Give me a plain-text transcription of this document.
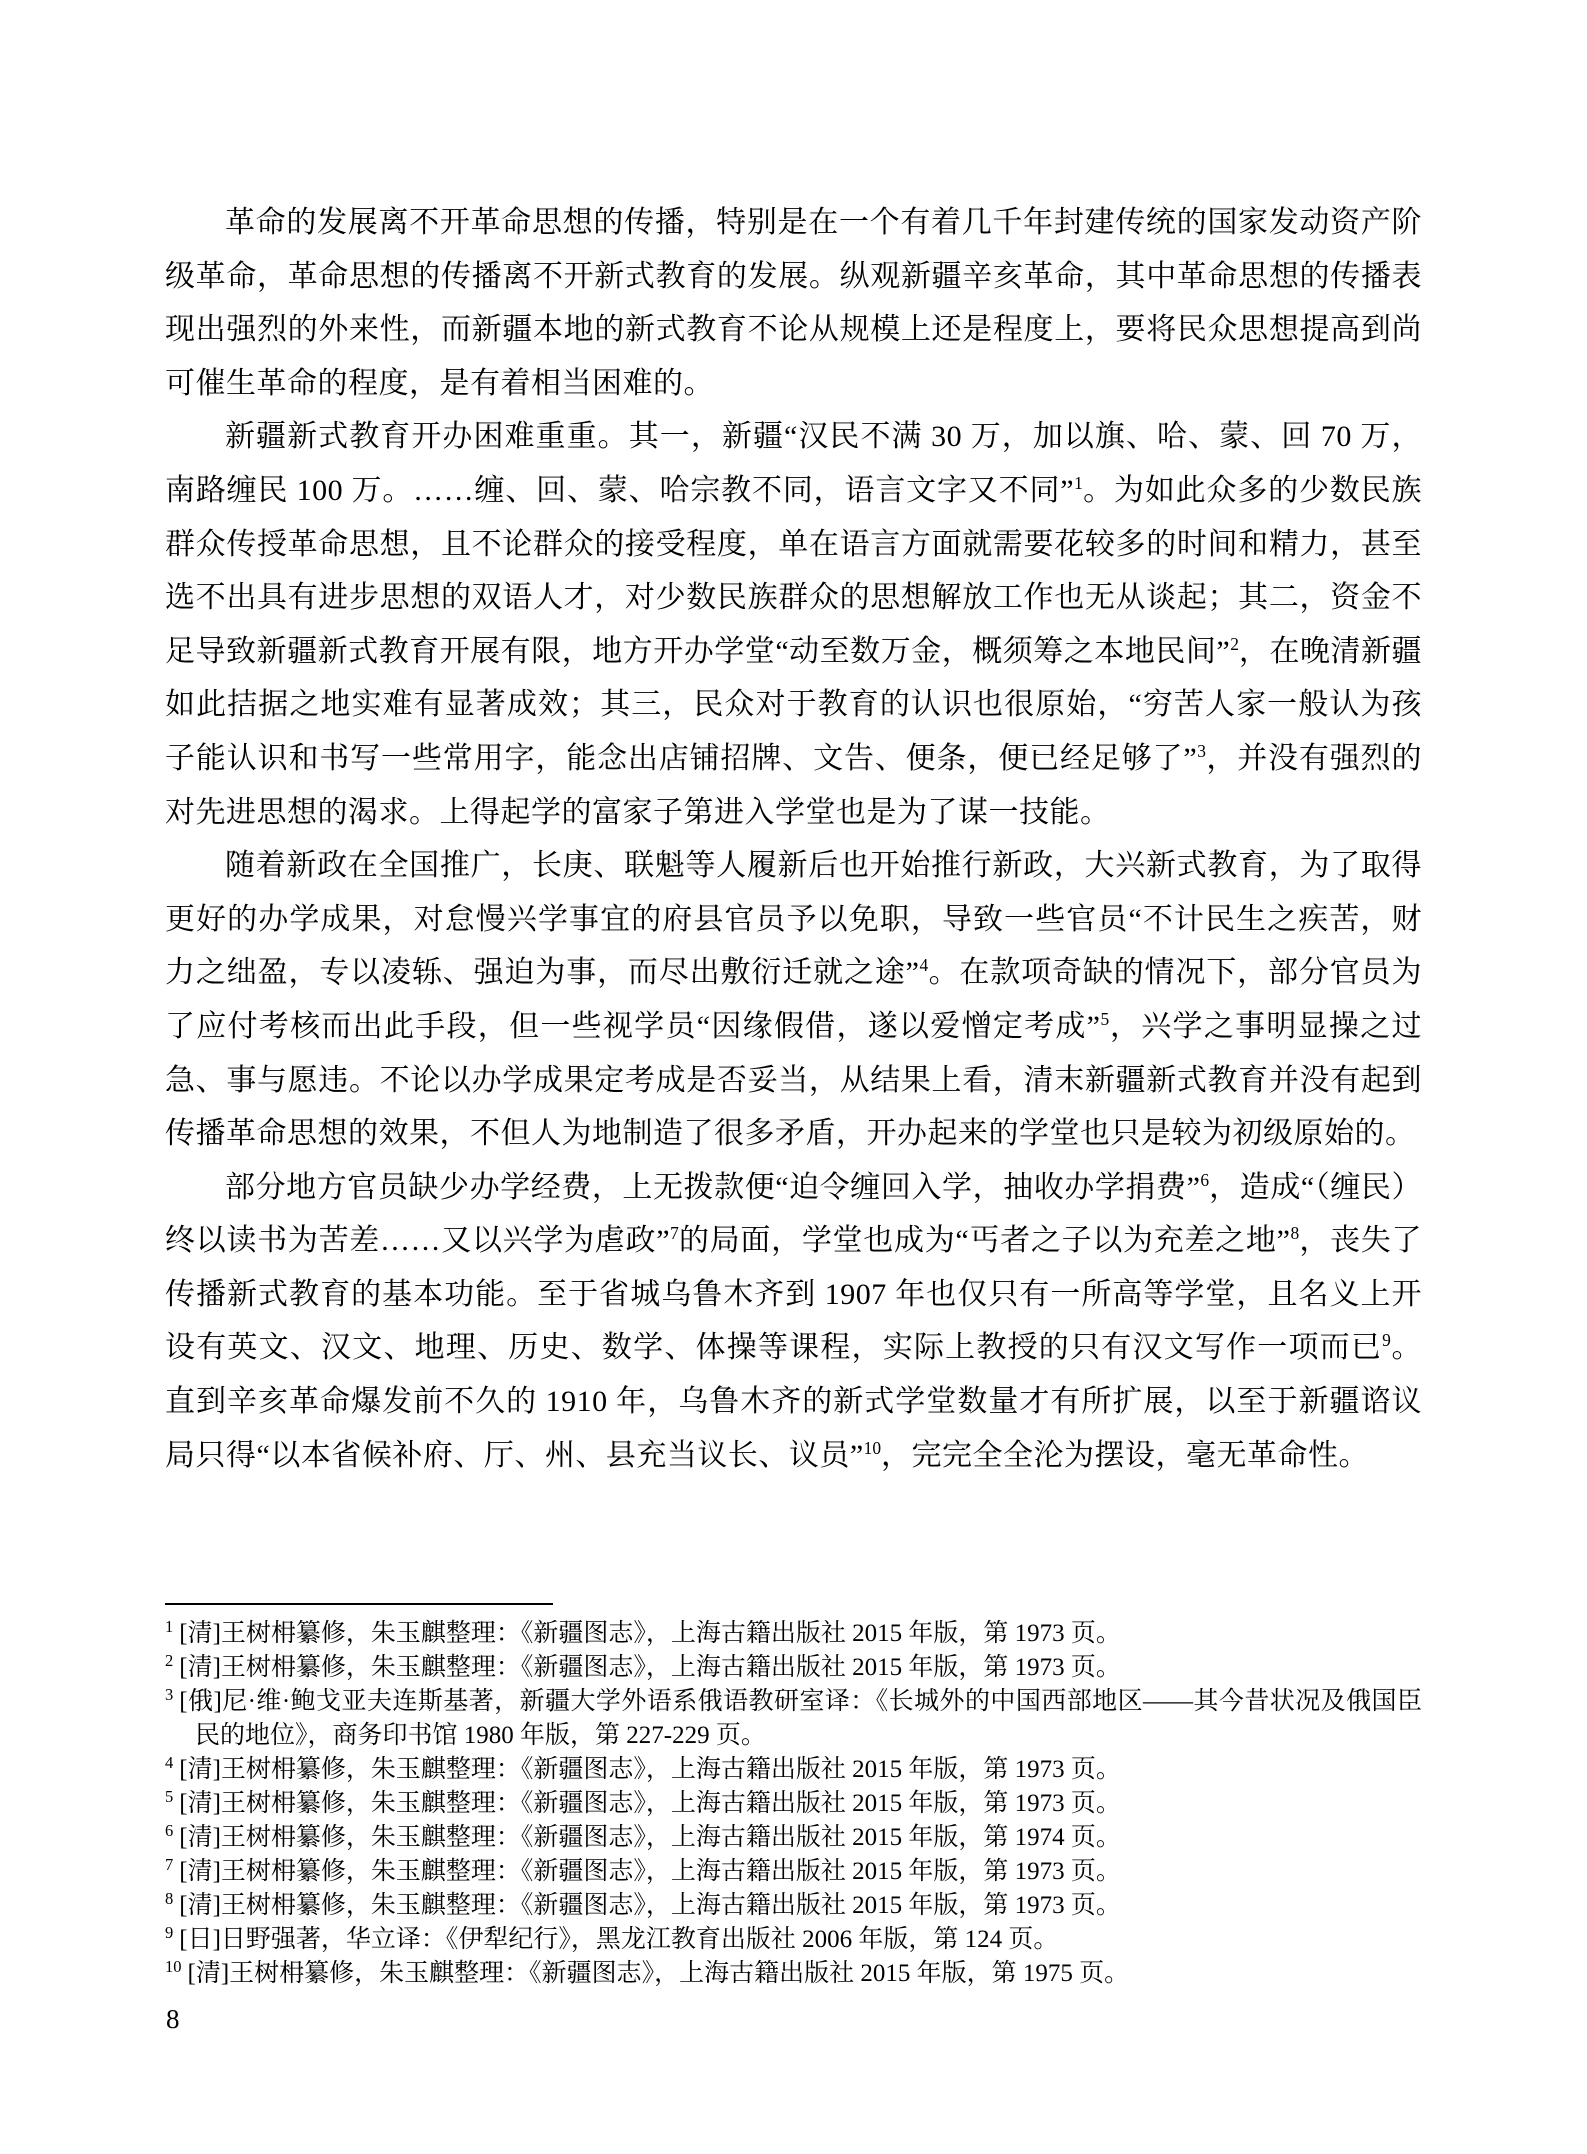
革命的发展离不开革命思想的传播，特别是在一个有着几千年封建传统的国家发动资产阶级革命，革命思想的传播离不开新式教育的发展。纵观新疆辛亥革命，其中革命思想的传播表现出强烈的外来性，而新疆本地的新式教育不论从规模上还是程度上，要将民众思想提高到尚可催生革命的程度，是有着相当困难的。

新疆新式教育开办困难重重。其一，新疆“汉民不满 30 万，加以旗、哈、蒙、回 70 万，南路缠民 100 万。……缠、回、蒙、哈宗教不同，语言文字又不同”$^1$。为如此众多的少数民族群众传授革命思想，且不论群众的接受程度，单在语言方面就需要花较多的时间和精力，甚至选不出具有进步思想的双语人才，对少数民族群众的思想解放工作也无从谈起；其二，资金不足导致新疆新式教育开展有限，地方开办学堂“动至数万金，概须筹之本地民间”$^2$，在晚清新疆如此拮据之地实难有显著成效；其三，民众对于教育的认识也很原始，“穷苦人家一般认为孩子能认识和书写一些常用字，能念出店铺招牌、文告、便条，便已经足够了”$^3$，并没有强烈的对先进思想的渴求。上得起学的富家子第进入学堂也是为了谋一技能。

随着新政在全国推广，长庚、联魁等人履新后也开始推行新政，大兴新式教育，为了取得更好的办学成果，对怠慢兴学事宜的府县官员予以免职，导致一些官员“不计民生之疾苦，财力之绌盈，专以凌轹、强迫为事，而尽出敷衍迁就之途”$^4$。在款项奇缺的情况下，部分官员为了应付考核而出此手段，但一些视学员“因缘假借，遂以爱憎定考成”$^5$，兴学之事明显操之过急、事与愿违。不论以办学成果定考成是否妥当，从结果上看，清末新疆新式教育并没有起到传播革命思想的效果，不但人为地制造了很多矛盾，开办起来的学堂也只是较为初级原始的。

部分地方官员缺少办学经费，上无拨款便“迫令缠回入学，抽收办学捐费”$^6$，造成“（缠民）终以读书为苦差……又以兴学为虐政”$^7$的局面，学堂也成为“丐者之子以为充差之地”$^8$，丧失了传播新式教育的基本功能。至于省城乌鲁木齐到 1907 年也仅只有一所高等学堂，且名义上开设有英文、汉文、地理、历史、数学、体操等课程，实际上教授的只有汉文写作一项而已$^9$。直到辛亥革命爆发前不久的 1910 年，乌鲁木齐的新式学堂数量才有所扩展，以至于新疆谘议局只得“以本省候补府、厅、州、县充当议长、议员”$^{10}$，完完全全沦为摆设，毫无革命性。

$^1$ [清]王树枏纂修，朱玉麒整理：《新疆图志》，上海古籍出版社 2015 年版，第 1973 页。
$^2$ [清]王树枏纂修，朱玉麒整理：《新疆图志》，上海古籍出版社 2015 年版，第 1973 页。
$^3$ [俄]尼·维·鲍戈亚夫连斯基著，新疆大学外语系俄语教研室译：《长城外的中国西部地区——其今昔状况及俄国臣民的地位》，商务印书馆 1980 年版，第 227-229 页。
$^4$ [清]王树枏纂修，朱玉麒整理：《新疆图志》，上海古籍出版社 2015 年版，第 1973 页。
$^5$ [清]王树枏纂修，朱玉麒整理：《新疆图志》，上海古籍出版社 2015 年版，第 1973 页。
$^6$ [清]王树枏纂修，朱玉麒整理：《新疆图志》，上海古籍出版社 2015 年版，第 1974 页。
$^7$ [清]王树枏纂修，朱玉麒整理：《新疆图志》，上海古籍出版社 2015 年版，第 1973 页。
$^8$ [清]王树枏纂修，朱玉麒整理：《新疆图志》，上海古籍出版社 2015 年版，第 1973 页。
$^9$ [日]日野强著，华立译：《伊犁纪行》，黑龙江教育出版社 2006 年版，第 124 页。
$^{10}$ [清]王树枏纂修，朱玉麒整理：《新疆图志》，上海古籍出版社 2015 年版，第 1975 页。
8
